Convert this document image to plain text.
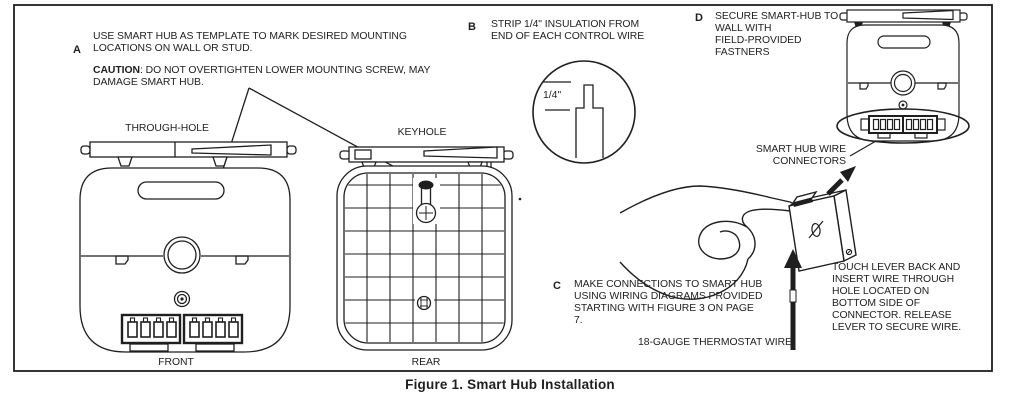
A
USE SMART HUB AS TEMPLATE TO MARK DESIRED MOUNTING
LOCATIONS ON WALL OR STUD.
CAUTION: DO NOT OVERTIGHTEN LOWER MOUNTING SCREW, MAY
DAMAGE SMART HUB.
B STRIP 1/4" INSULATION FROM
END OF EACH CONTROL WIRE
1/4"
D SECURE SMART-HUB TO
WALL WITH
FIELD-PROVIDED
FASTNERS
SMART HUB WIRE
CONNECTORS
C MAKE CONNECTIONS TO SMART HUB
USING WIRING DIAGRAMS PROVIDED
STARTING WITH FIGURE 3 ON PAGE
7.
18-GAUGE THERMOSTAT WIRE
TOUCH LEVER BACK AND
INSERT WIRE THROUGH
HOLE LOCATED ON
BOTTOM SIDE OF
CONNECTOR. RELEASE
LEVER TO SECURE WIRE.
THROUGH-HOLE
FRONT
KEYHOLE
REAR
Figure 1. Smart Hub Installation
